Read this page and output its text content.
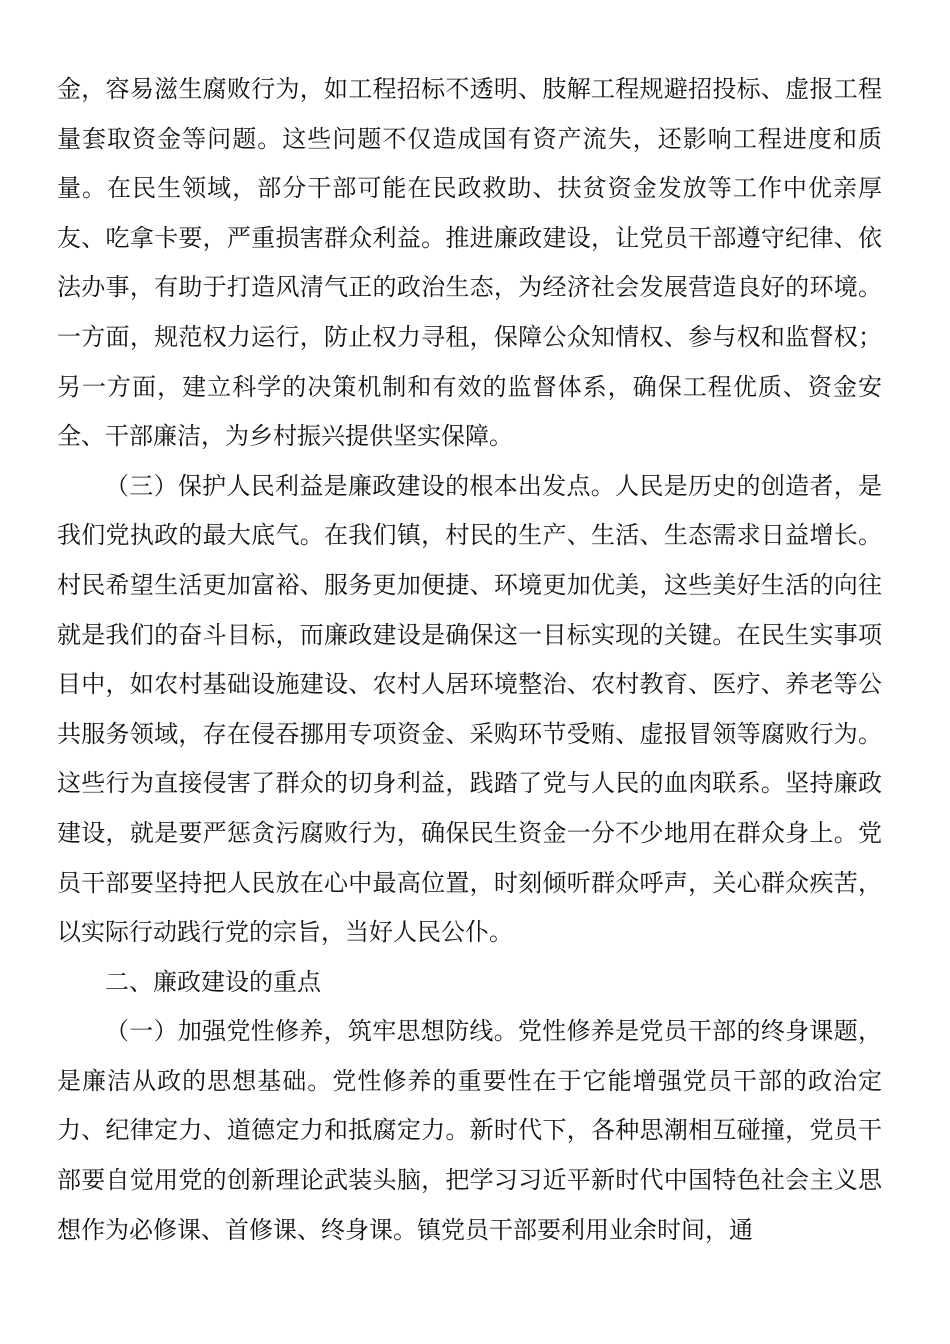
金，容易滋生腐败行为，如工程招标不透明、肢解工程规避招投标、虚报工程量套取资金等问题。这些问题不仅造成国有资产流失，还影响工程进度和质量。在民生领域，部分干部可能在民政救助、扶贫资金发放等工作中优亲厚友、吃拿卡要，严重损害群众利益。推进廉政建设，让党员干部遵守纪律、依法办事，有助于打造风清气正的政治生态，为经济社会发展营造良好的环境。一方面，规范权力运行，防止权力寻租，保障公众知情权、参与权和监督权；另一方面，建立科学的决策机制和有效的监督体系，确保工程优质、资金安全、干部廉洁，为乡村振兴提供坚实保障。

（三）保护人民利益是廉政建设的根本出发点。人民是历史的创造者，是我们党执政的最大底气。在我们镇，村民的生产、生活、生态需求日益增长。村民希望生活更加富裕、服务更加便捷、环境更加优美，这些美好生活的向往就是我们的奋斗目标，而廉政建设是确保这一目标实现的关键。在民生实事项目中，如农村基础设施建设、农村人居环境整治、农村教育、医疗、养老等公共服务领域，存在侵吞挪用专项资金、采购环节受贿、虚报冒领等腐败行为。这些行为直接侵害了群众的切身利益，践踏了党与人民的血肉联系。坚持廉政建设，就是要严惩贪污腐败行为，确保民生资金一分不少地用在群众身上。党员干部要坚持把人民放在心中最高位置，时刻倾听群众呼声，关心群众疾苦，以实际行动践行党的宗旨，当好人民公仆。

二、廉政建设的重点

（一）加强党性修养，筑牢思想防线。党性修养是党员干部的终身课题，是廉洁从政的思想基础。党性修养的重要性在于它能增强党员干部的政治定力、纪律定力、道德定力和抵腐定力。新时代下，各种思潮相互碰撞，党员干部要自觉用党的创新理论武装头脑，把学习习近平新时代中国特色社会主义思想作为必修课、首修课、终身课。镇党员干部要利用业余时间，通
